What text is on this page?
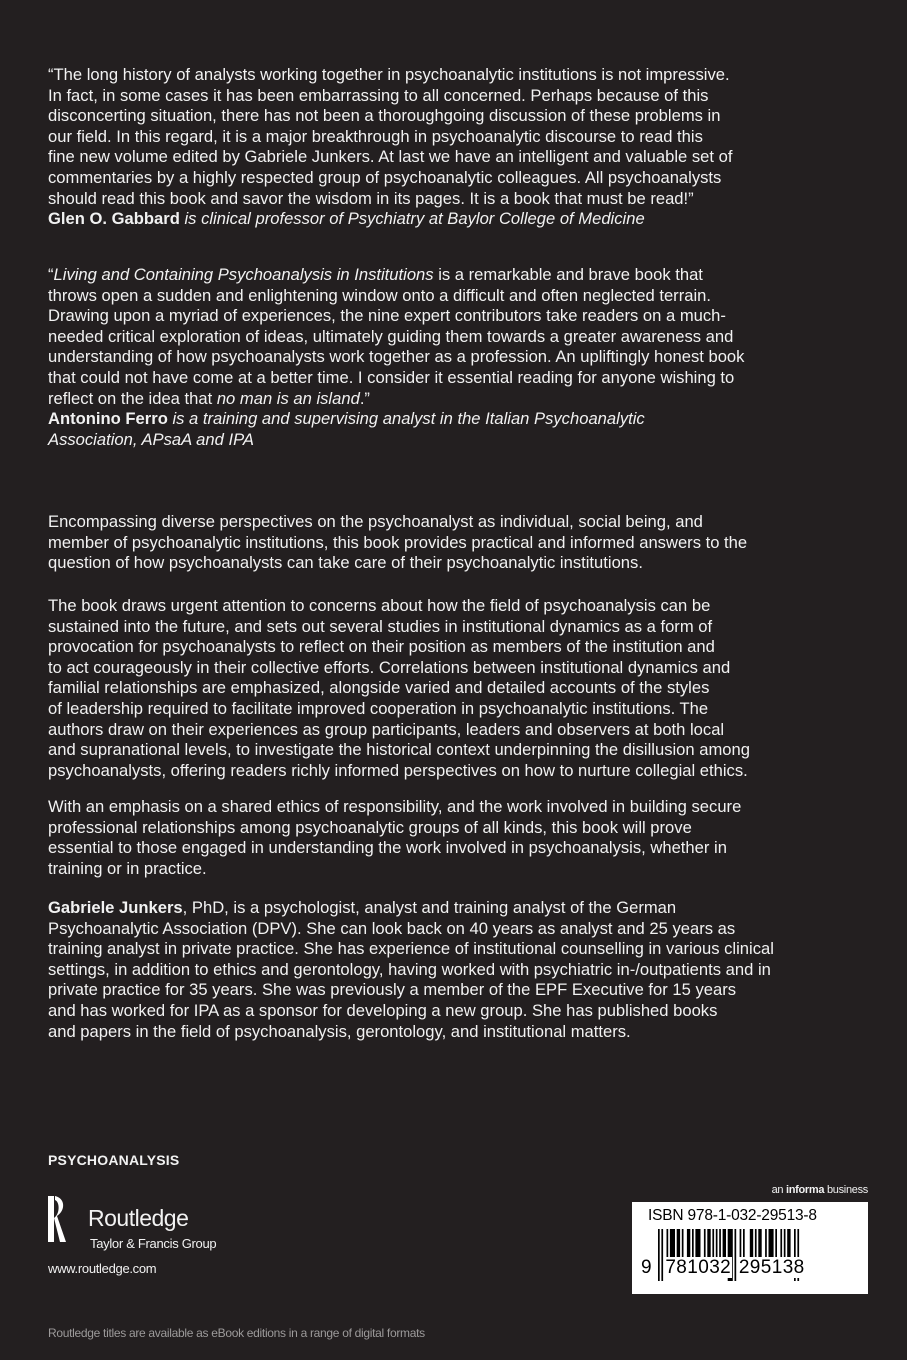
“The long history of analysts working together in psychoanalytic institutions is not impressive.
In fact, in some cases it has been embarrassing to all concerned. Perhaps because of this
disconcerting situation, there has not been a thoroughgoing discussion of these problems in
our field. In this regard, it is a major breakthrough in psychoanalytic discourse to read this
fine new volume edited by Gabriele Junkers. At last we have an intelligent and valuable set of
commentaries by a highly respected group of psychoanalytic colleagues. All psychoanalysts
should read this book and savor the wisdom in its pages. It is a book that must be read!”
Glen O. Gabbard is clinical professor of Psychiatry at Baylor College of Medicine
“Living and Containing Psychoanalysis in Institutions is a remarkable and brave book that
throws open a sudden and enlightening window onto a difficult and often neglected terrain.
Drawing upon a myriad of experiences, the nine expert contributors take readers on a much-
needed critical exploration of ideas, ultimately guiding them towards a greater awareness and
understanding of how psychoanalysts work together as a profession. An upliftingly honest book
that could not have come at a better time. I consider it essential reading for anyone wishing to
reflect on the idea that no man is an island.”
Antonino Ferro is a training and supervising analyst in the Italian Psychoanalytic
Association, APsaA and IPA
Encompassing diverse perspectives on the psychoanalyst as individual, social being, and
member of psychoanalytic institutions, this book provides practical and informed answers to the
question of how psychoanalysts can take care of their psychoanalytic institutions.
The book draws urgent attention to concerns about how the field of psychoanalysis can be
sustained into the future, and sets out several studies in institutional dynamics as a form of
provocation for psychoanalysts to reflect on their position as members of the institution and
to act courageously in their collective efforts. Correlations between institutional dynamics and
familial relationships are emphasized, alongside varied and detailed accounts of the styles
of leadership required to facilitate improved cooperation in psychoanalytic institutions. The
authors draw on their experiences as group participants, leaders and observers at both local
and supranational levels, to investigate the historical context underpinning the disillusion among
psychoanalysts, offering readers richly informed perspectives on how to nurture collegial ethics.
With an emphasis on a shared ethics of responsibility, and the work involved in building secure
professional relationships among psychoanalytic groups of all kinds, this book will prove
essential to those engaged in understanding the work involved in psychoanalysis, whether in
training or in practice.
Gabriele Junkers, PhD, is a psychologist, analyst and training analyst of the German
Psychoanalytic Association (DPV). She can look back on 40 years as analyst and 25 years as
training analyst in private practice. She has experience of institutional counselling in various clinical
settings, in addition to ethics and gerontology, having worked with psychiatric in-/outpatients and in
private practice for 35 years. She was previously a member of the EPF Executive for 15 years
and has worked for IPA as a sponsor for developing a new group. She has published books
and papers in the field of psychoanalysis, gerontology, and institutional matters.
PSYCHOANALYSIS
Routledge
Taylor & Francis Group
www.routledge.com
Routledge titles are available as eBook editions in a range of digital formats
an informa business
ISBN 978-1-032-29513-8
9 781032 295138
